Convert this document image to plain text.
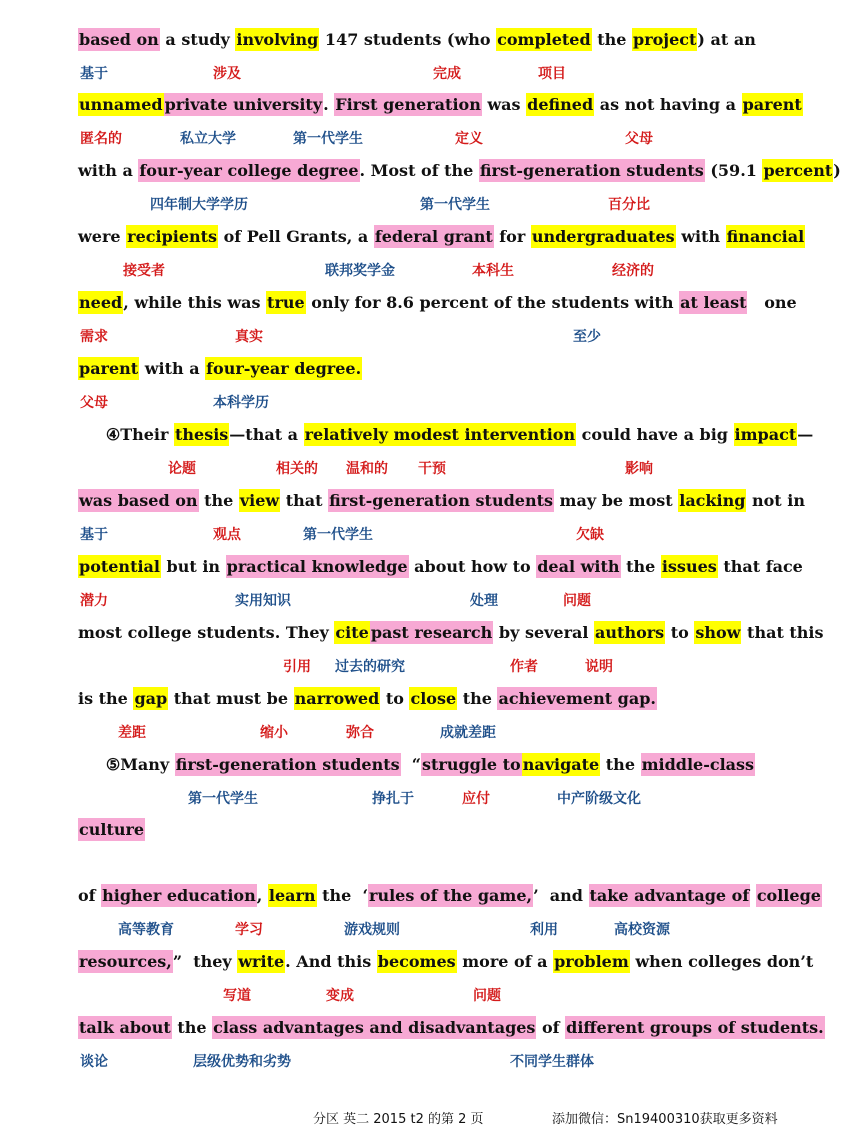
based on a study involving 147 students (who completed the project) at an
基于	涉及	完成	项目
unnamed private university. First generation was defined as not having a parent
匿名的	私立大学	第一代学生	定义	父母
with a four-year college degree. Most of the first-generation students (59.1 percent)
四年制大学学历	第一代学生	百分比
were recipients of Pell Grants, a federal grant for undergraduates with financial
接受者	联邦奖学金	本科生	经济的
need, while this was true only for 8.6 percent of the students with at least   one
需求	真实	至少
parent with a four-year degree.
父母	本科学历
④Their thesis—that a relatively modest intervention could have a big impact—
论题	相关的 温和的 干预	影响
was based on the view that first-generation students may be most lacking not in
基于	观点	第一代学生	欠缺
potential but in practical knowledge about how to deal with the issues that face
潜力	实用知识	处理	问题
most college students. They cite past research by several authors to show that this
引用 过去的研究	作者	说明
is the gap that must be narrowed to close the achievement gap.
差距	缩小	弥合	成就差距
⑤Many first-generation students  “struggle to navigate the middle-class
第一代学生	挣扎于	应付	中产阶级文化
culture
of higher education, learn the  ‘rules of the game,’  and take advantage of college
高等教育	学习	游戏规则	利用	高校资源
resources,”  they write. And this becomes more of a problem when colleges don’t
写道	变成	问题
talk about the class advantages and disadvantages of different groups of students.
谈论	层级优势和劣势	不同学生群体
分区 英二 2015 t2 的第 2 页	添加微信：Sn19400310获取更多资料
